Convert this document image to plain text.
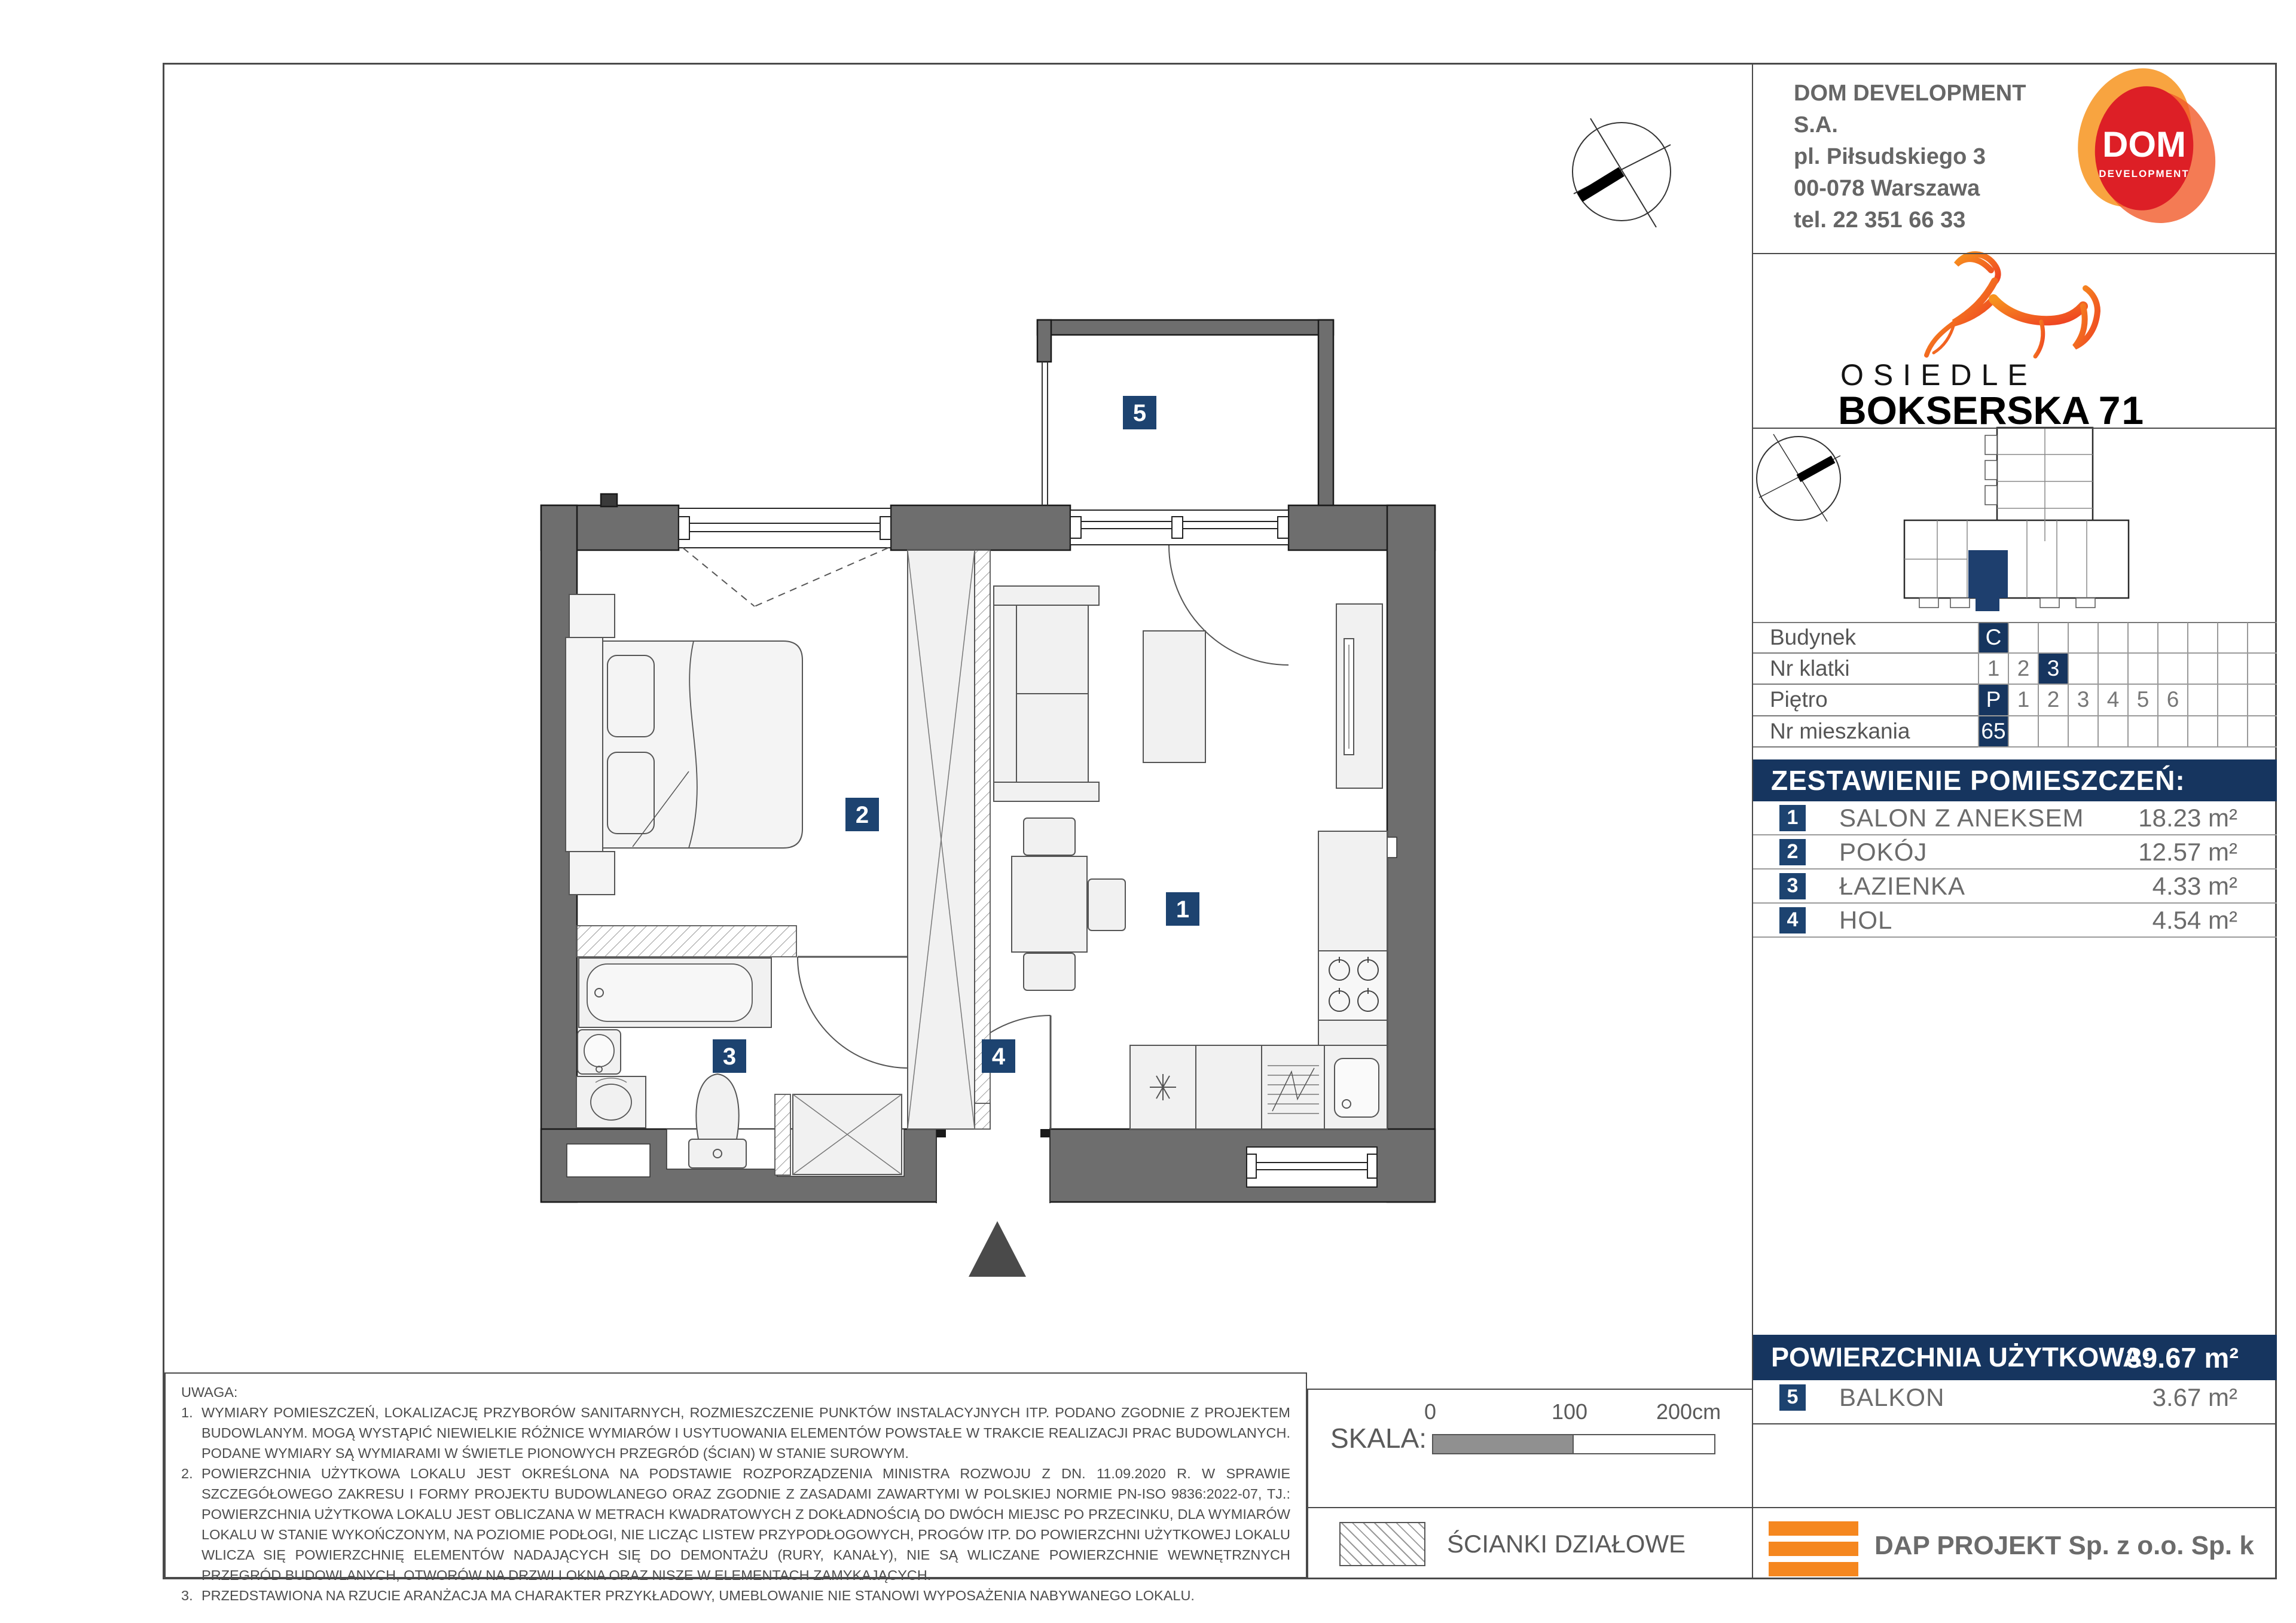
1
2
3	4
5
DOM
DEVELOPMENT
DOM DEVELOPMENT S.A.
pl. Piłsudskiego 3
00-078 Warszawa
tel. 22 351 66 33
OSIEDLE
BOKSERSKA 71
Budynek	C
Nr klatki	1 2 3
Piętro	P 1 2 3 4 5 6
Nr mieszkania	65
ZESTAWIENIE POMIESZCZEŃ:
1 SALON Z ANEKSEM 18.23 m²
2 POKÓJ	12.57 m²
3 ŁAZIENKA	4.33 m²
4 HOL	4.54 m²
POWIERZCHNIA UŻYTKOWA:
39.67 m²
5 BALKON	3.67 m²
DAP PROJEKT Sp. z o.o. Sp. k
UWAGA:
1. WYMIARY POMIESZCZEŃ, LOKALIZACJĘ PRZYBORÓW SANITARNYCH, ROZMIESZCZENIE PUNKTÓW INSTALACYJNYCH ITP. PODANO ZGODNIE Z PROJEKTEM BUDOWLANYM. MOGĄ WYSTĄPIĆ NIEWIELKIE RÓŻNICE WYMIARÓW I USYTUOWANIA ELEMENTÓW POWSTAŁE W TRAKCIE REALIZACJI PRAC BUDOWLANYCH. PODANE WYMIARY SĄ WYMIARAMI W ŚWIETLE PIONOWYCH PRZEGRÓD (ŚCIAN) W STANIE SUROWYM.
2. POWIERZCHNIA UŻYTKOWA LOKALU JEST OKREŚLONA NA PODSTAWIE ROZPORZĄDZENIA MINISTRA ROZWOJU Z DN. 11.09.2020 R. W SPRAWIE SZCZEGÓŁOWEGO ZAKRESU I FORMY PROJEKTU BUDOWLANEGO ORAZ ZGODNIE Z ZASADAMI ZAWARTYMI W POLSKIEJ NORMIE PN-ISO 9836:2022-07, TJ.: POWIERZCHNIA UŻYTKOWA LOKALU JEST OBLICZANA W METRACH KWADRATOWYCH Z DOKŁADNOŚCIĄ DO DWÓCH MIEJSC PO PRZECINKU, DLA WYMIARÓW LOKALU W STANIE WYKOŃCZONYM, NA POZIOMIE PODŁOGI, NIE LICZĄC LISTEW PRZYPODŁOGOWYCH, PROGÓW ITP. DO POWIERZCHNI UŻYTKOWEJ LOKALU WLICZA SIĘ POWIERZCHNIĘ ELEMENTÓW NADAJĄCYCH SIĘ DO DEMONTAŻU (RURY, KANAŁY), NIE SĄ WLICZANE POWIERZCHNIE WEWNĘTRZNYCH PRZEGRÓD BUDOWLANYCH, OTWORÓW NA DRZWI I OKNA ORAZ NISZE W ELEMENTACH ZAMYKAJĄCYCH.
3. PRZEDSTAWIONA NA RZUCIE ARANŻACJA MA CHARAKTER PRZYKŁADOWY, UMEBLOWANIE NIE STANOWI WYPOSAŻENIA NABYWANEGO LOKALU.
SKALA:
0	100	200cm
ŚCIANKI DZIAŁOWE
